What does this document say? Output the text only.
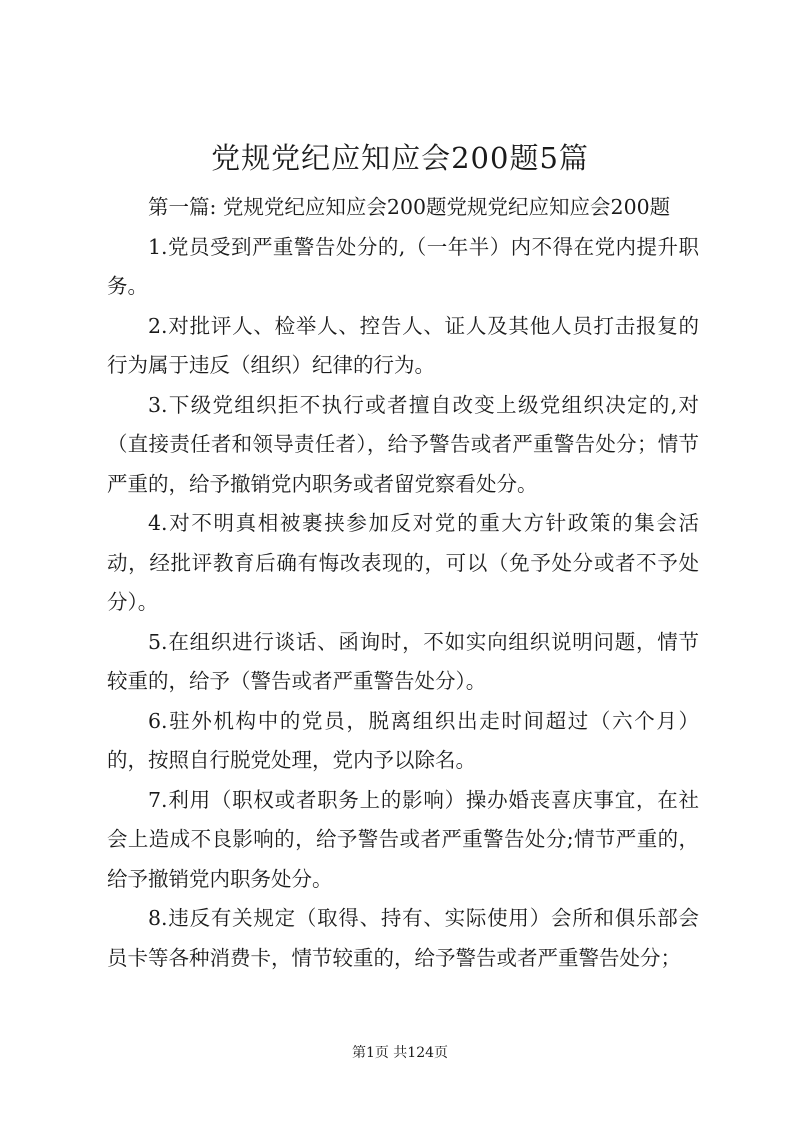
党规党纪应知应会200题5篇

第一篇: 党规党纪应知应会200题党规党纪应知应会200题

1.党员受到严重警告处分的,（一年半）内不得在党内提升职务。

2.对批评人、检举人、控告人、证人及其他人员打击报复的行为属于违反（组织）纪律的行为。

3.下级党组织拒不执行或者擅自改变上级党组织决定的,对（直接责任者和领导责任者），给予警告或者严重警告处分；情节严重的，给予撤销党内职务或者留党察看处分。

4.对不明真相被裹挟参加反对党的重大方针政策的集会活动，经批评教育后确有悔改表现的，可以（免予处分或者不予处分）。

5.在组织进行谈话、函询时，不如实向组织说明问题，情节较重的，给予（警告或者严重警告处分）。

6.驻外机构中的党员，脱离组织出走时间超过（六个月）的，按照自行脱党处理，党内予以除名。

7.利用（职权或者职务上的影响）操办婚丧喜庆事宜，在社会上造成不良影响的，给予警告或者严重警告处分;情节严重的，给予撤销党内职务处分。

8.违反有关规定（取得、持有、实际使用）会所和俱乐部会员卡等各种消费卡，情节较重的，给予警告或者严重警告处分；

第1页 共124页
